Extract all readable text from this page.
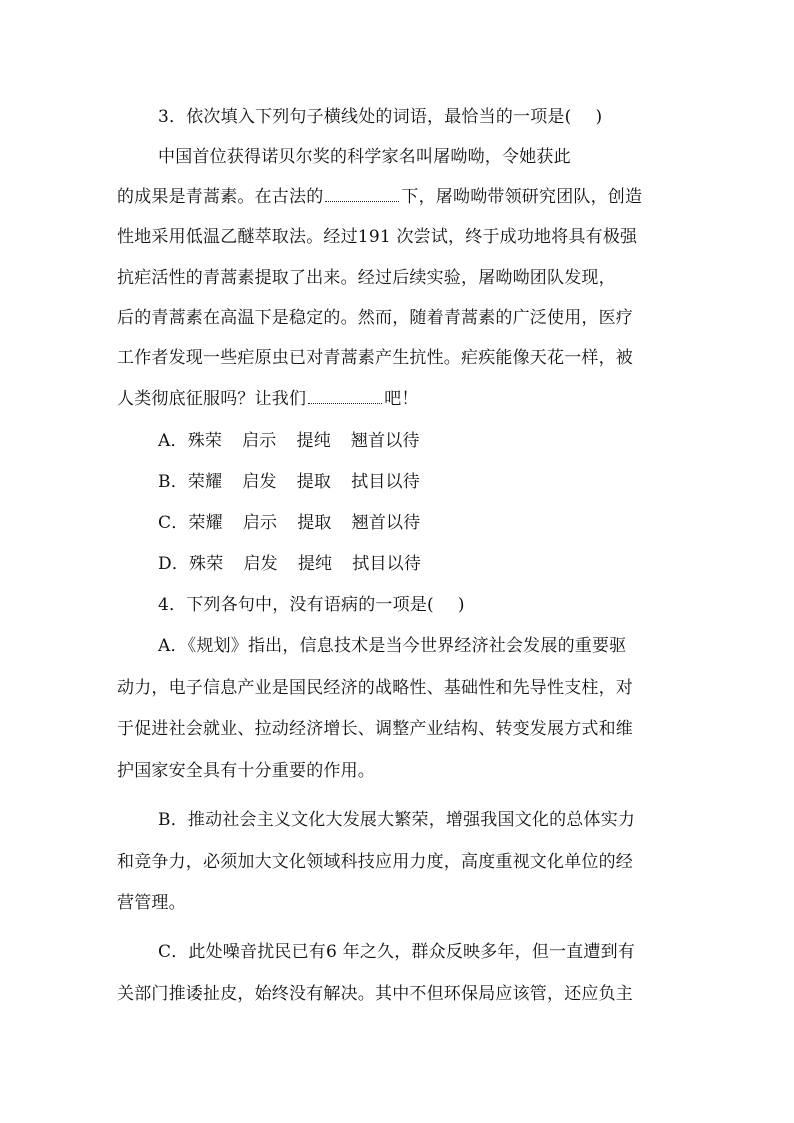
3．依次填入下列句子横线处的词语，最恰当的一项是( )
中国首位获得诺贝尔奖的科学家名叫屠呦呦，令她获此
的成果是青蒿素。在古法的	下，屠呦呦带领研究团队，创造
性地采用低温乙醚萃取法。经过191 次尝试，终于成功地将具有极强
抗疟活性的青蒿素提取了出来。经过后续实验，屠呦呦团队发现，
后的青蒿素在高温下是稳定的。然而，随着青蒿素的广泛使用，医疗
工作者发现一些疟原虫已对青蒿素产生抗性。疟疾能像天花一样，被
人类彻底征服吗？让我们	吧！
A．殊荣 启示 提纯 翘首以待
B．荣耀 启发 提取 拭目以待
C．荣耀 启示 提取 翘首以待
D．殊荣 启发 提纯 拭目以待
4．下列各句中，没有语病的一项是( )
A．《规划》指出，信息技术是当今世界经济社会发展的重要驱
动力，电子信息产业是国民经济的战略性、基础性和先导性支柱，对
于促进社会就业、拉动经济增长、调整产业结构、转变发展方式和维
护国家安全具有十分重要的作用。
B．推动社会主义文化大发展大繁荣，增强我国文化的总体实力
和竞争力，必须加大文化领域科技应用力度，高度重视文化单位的经
营管理。
C．此处噪音扰民已有6 年之久，群众反映多年，但一直遭到有
关部门推诿扯皮，始终没有解决。其中不但环保局应该管，还应负主
